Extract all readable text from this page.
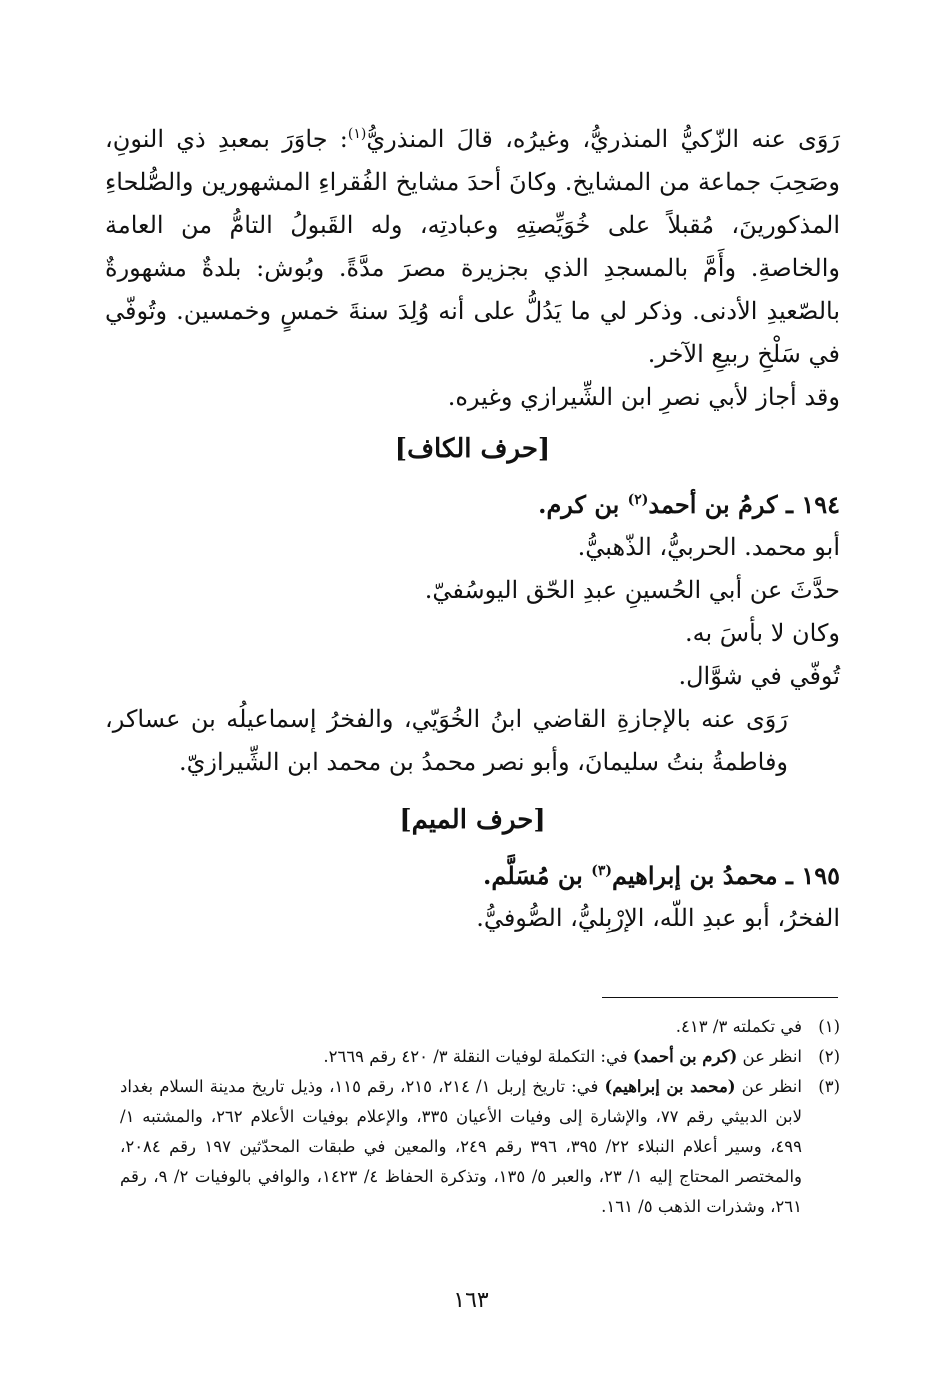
رَوَى عنه الزّكيُّ المنذريُّ، وغيرُه، قالَ المنذريُّ$^{(١)}$: جاوَرَ بمعبدِ ذي النونِ، وصَحِبَ جماعة من المشايخ. وكانَ أحدَ مشايخ الفُقراءِ المشهورين والصُّلحاءِ المذكورينَ، مُقبلاً على خُوَيِّصتِهِ وعبادتِه، وله القَبولُ التامُّ من العامة والخاصةِ. وأَمَّ بالمسجدِ الذي بجزيرة مصرَ مدَّةً. وبُوش: بلدةٌ مشهورةٌ بالصّعيدِ الأدنى. وذكر لي ما يَدُلُّ على أنه وُلِدَ سنةَ خمسٍ وخمسين. وتُوفّي في سَلْخِ ربيعِ الآخر.

وقد أجاز لأبي نصرِ ابن الشِّيرازي وغيره.

[حرف الكاف]

١٩٤ ـ كرمُ بن أحمد$^{(٢)}$ بن كرم.

أبو محمد. الحربيُّ، الذّهبيُّ.

حدَّثَ عن أبي الحُسينِ عبدِ الحّق اليوسُفيّ.

وكان لا بأسَ به.

تُوفّي في شوَّال.

رَوَى عنه بالإجازةِ القاضي ابنُ الخُوَيّي، والفخرُ إسماعيلُه بن عساكر، وفاطمةُ بنتُ سليمانَ، وأبو نصر محمدُ بن محمد ابن الشِّيرازيّ.

[حرف الميم]

١٩٥ ـ محمدُ بن إبراهيم$^{(٣)}$ بن مُسَلَّم.

الفخرُ، أبو عبدِ اللّه، الإرْبِليُّ، الصُّوفيُّ.

(١)
في تكملته ٣/ ٤١٣.

(٢)
انظر عن (كرم بن أحمد) في: التكملة لوفيات النقلة ٣/ ٤٢٠ رقم ٢٦٦٩.

(٣)
انظر عن (محمد بن إبراهيم) في: تاريخ إربل ١/ ٢١٤، ٢١٥، رقم ١١٥، وذيل تاريخ مدينة السلام بغداد لابن الدبيثي رقم ٧٧، والإشارة إلى وفيات الأعيان ٣٣٥، والإعلام بوفيات الأعلام ٢٦٢، والمشتبه ١/ ٤٩٩، وسير أعلام النبلاء ٢٢/ ٣٩٥، ٣٩٦ رقم ٢٤٩، والمعين في طبقات المحدّثين ١٩٧ رقم ٢٠٨٤، والمختصر المحتاج إليه ١/ ٢٣، والعبر ٥/ ١٣٥، وتذكرة الحفاظ ٤/ ١٤٢٣، والوافي بالوفيات ٢/ ٩، رقم ٢٦١، وشذرات الذهب ٥/ ١٦١.

١٦٣
